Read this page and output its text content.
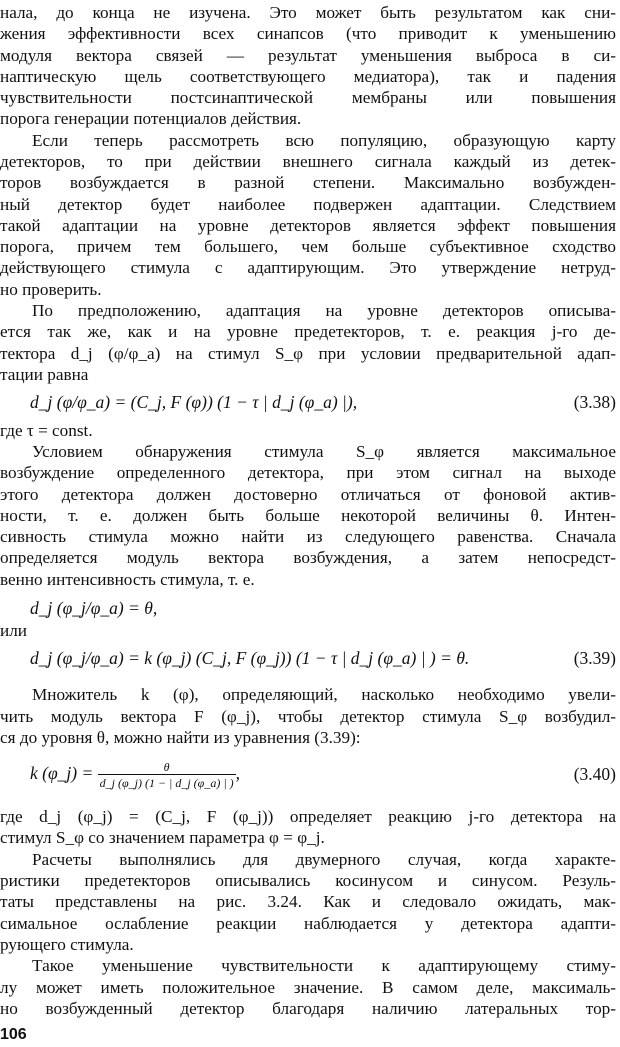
нала, до конца не изучена. Это может быть результатом как сни-
жения эффективности всех синапсов (что приводит к уменьшению
модуля вектора связей — результат уменьшения выброса в си-
наптическую щель соответствующего медиатора), так и падения
чувствительности постсинаптической мембраны или повышения
порога генерации потенциалов действия.
Если теперь рассмотреть всю популяцию, образующую карту
детекторов, то при действии внешнего сигнала каждый из детек-
торов возбуждается в разной степени. Максимально возбужден-
ный детектор будет наиболее подвержен адаптации. Следствием
такой адаптации на уровне детекторов является эффект повышения
порога, причем тем большего, чем больше субъективное сходство
действующего стимула с адаптирующим. Это утверждение нетруд-
но проверить.
По предположению, адаптация на уровне детекторов описыва-
ется так же, как и на уровне предетекторов, т. е. реакция j-го де-
тектора d_j (φ/φ_a) на стимул S_φ при условии предварительной адап-
тации равна
d_j (φ/φ_a) = (C_j, F (φ)) (1 − τ | d_j (φ_a) |),	(3.38)
где τ = const.
Условием обнаружения стимула S_φ является максимальное
возбуждение определенного детектора, при этом сигнал на выходе
этого детектора должен достоверно отличаться от фоновой актив-
ности, т. е. должен быть больше некоторой величины θ. Интен-
сивность стимула можно найти из следующего равенства. Сначала
определяется модуль вектора возбуждения, а затем непосредст-
венно интенсивность стимула, т. е.
d_j (φ_j/φ_a) = θ,
или
d_j (φ_j/φ_a) = k (φ_j) (C_j, F (φ_j)) (1 − τ | d_j (φ_a) | ) = θ.	(3.39)
Множитель k (φ), определяющий, насколько необходимо увели-
чить модуль вектора F (φ_j), чтобы детектор стимула S_φ возбудил-
ся до уровня θ, можно найти из уравнения (3.39):
k (φ_j) = $\frac{\theta}{d\_j (\varphi\_j) (1 - | d\_j (\varphi\_a) | )}$ ,	(3.40)
где d_j (φ_j) = (C_j, F (φ_j)) определяет реакцию j-го детектора на
стимул S_φ со значением параметра φ = φ_j.
Расчеты выполнялись для двумерного случая, когда характе-
ристики предетекторов описывались косинусом и синусом. Резуль-
таты представлены на рис. 3.24. Как и следовало ожидать, мак-
симальное ослабление реакции наблюдается у детектора адапти-
рующего стимула.
Такое уменьшение чувствительности к адаптирующему стиму-
лу может иметь положительное значение. В самом деле, максималь-
но возбужденный детектор благодаря наличию латеральных тор-
106
